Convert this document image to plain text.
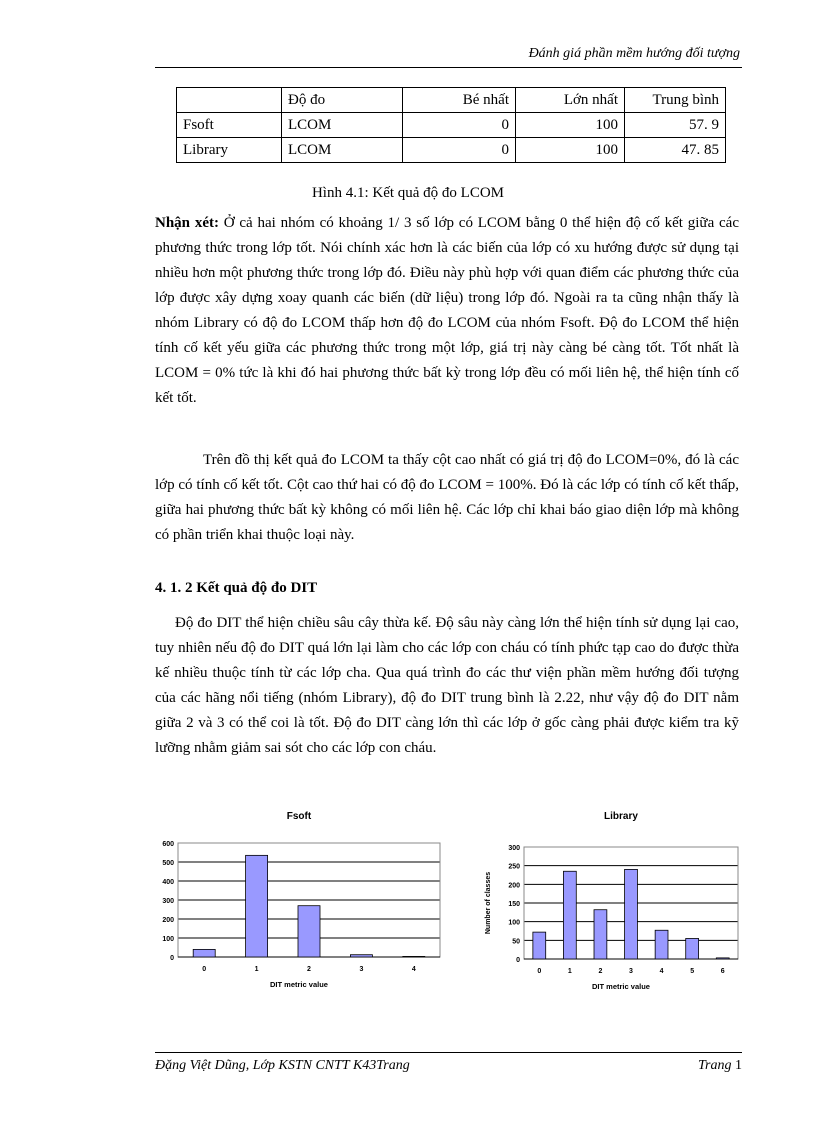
Đánh giá phần mềm hướng đối tượng
	Độ đo	Bé nhất	Lớn nhất	Trung bình
Fsoft	LCOM	0	100	57. 9
Library	LCOM	0	100	47. 85
Hình 4.1: Kết quả độ đo LCOM

Nhận xét: Ở cả hai nhóm có khoảng 1/ 3 số lớp có LCOM bằng 0 thể hiện độ cố kết giữa các phương thức trong lớp tốt. Nói chính xác hơn là các biến của lớp có xu hướng được sử dụng tại nhiều hơn một phương thức trong lớp đó. Điều này phù hợp với quan điểm các phương thức của lớp được xây dựng xoay quanh các biến (dữ liệu) trong lớp đó. Ngoài ra ta cũng nhận thấy là nhóm Library có độ đo LCOM thấp hơn độ đo LCOM của nhóm Fsoft. Độ đo LCOM thể hiện tính cố kết yếu giữa các phương thức trong một lớp, giá trị này càng bé càng tốt. Tốt nhất là LCOM = 0% tức là khi đó hai phương thức bất kỳ trong lớp đều có mối liên hệ, thể hiện tính cố kết tốt.

Trên đồ thị kết quả đo LCOM ta thấy cột cao nhất có giá trị độ đo LCOM=0%, đó là các lớp có tính cố kết tốt. Cột cao thứ hai có độ đo LCOM = 100%. Đó là các lớp có tính cố kết thấp, giữa hai phương thức bất kỳ không có mối liên hệ. Các lớp chỉ khai báo giao diện lớp mà không có phần triển khai thuộc loại này.

4. 1. 2 Kết quả độ đo DIT

Độ đo DIT thể hiện chiều sâu cây thừa kế. Độ sâu này càng lớn thể hiện tính sử dụng lại cao, tuy nhiên nếu độ đo DIT quá lớn lại làm cho các lớp con cháu có tính phức tạp cao do được thừa kế nhiều thuộc tính từ các lớp cha. Qua quá trình đo các thư viện phần mềm hướng đối tượng của các hãng nổi tiếng (nhóm Library), độ đo DIT trung bình là 2.22, như vậy độ đo DIT nằm giữa 2 và 3 có thể coi là tốt. Độ đo DIT càng lớn thì các lớp ở gốc càng phải được kiểm tra kỹ lưỡng nhằm giảm sai sót cho các lớp con cháu.

Fsoft
0
100
200
300
400
500
600
0	1	2	3	4
DIT metric value
Library
0
50
100
150
200
250
300
0	1	2	3	4	5	6
DIT metric value
Number of classes
Đặng Việt Dũng, Lớp KSTN CNTT K43Trang	Trang 1
